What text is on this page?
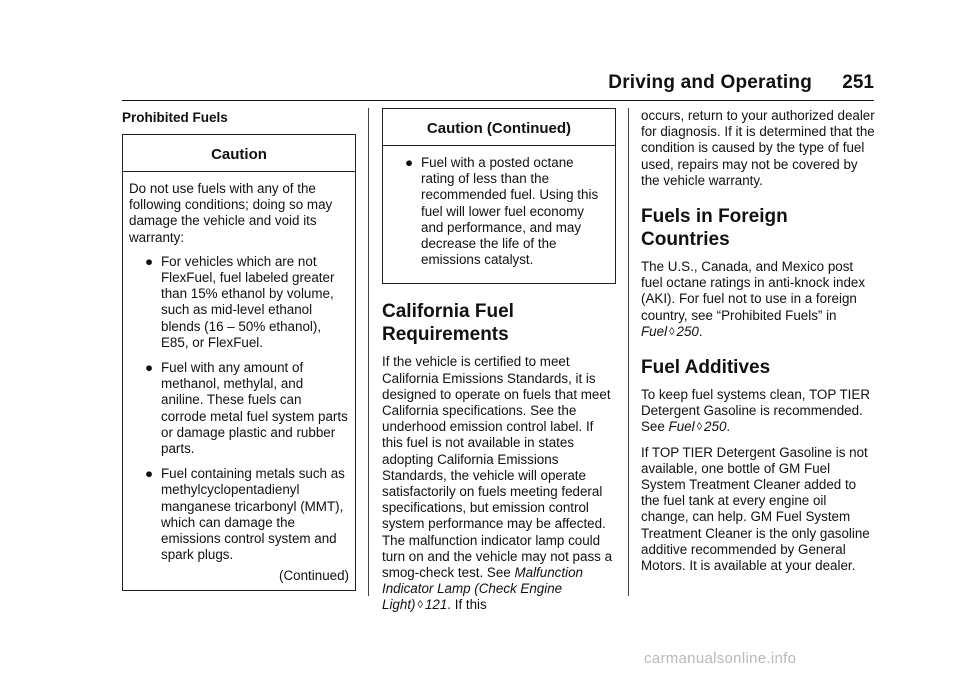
Driving and Operating 251
Prohibited Fuels
Caution
Do not use fuels with any of the following conditions; doing so may damage the vehicle and void its warranty:
● For vehicles which are not FlexFuel, fuel labeled greater than 15% ethanol by volume, such as mid-level ethanol blends (16 – 50% ethanol), E85, or FlexFuel.
● Fuel with any amount of methanol, methylal, and aniline. These fuels can corrode metal fuel system parts or damage plastic and rubber parts.
● Fuel containing metals such as methylcyclopentadienyl manganese tricarbonyl (MMT), which can damage the emissions control system and spark plugs.
(Continued)
Caution (Continued)
● Fuel with a posted octane rating of less than the recommended fuel. Using this fuel will lower fuel economy and performance, and may decrease the life of the emissions catalyst.
California Fuel Requirements
If the vehicle is certified to meet California Emissions Standards, it is designed to operate on fuels that meet California specifications. See the underhood emission control label. If this fuel is not available in states adopting California Emissions Standards, the vehicle will operate satisfactorily on fuels meeting federal specifications, but emission control system performance may be affected. The malfunction indicator lamp could turn on and the vehicle may not pass a smog-check test. See Malfunction Indicator Lamp (Check Engine Light) ◊ 121. If this
occurs, return to your authorized dealer for diagnosis. If it is determined that the condition is caused by the type of fuel used, repairs may not be covered by the vehicle warranty.
Fuels in Foreign Countries
The U.S., Canada, and Mexico post fuel octane ratings in anti-knock index (AKI). For fuel not to use in a foreign country, see “Prohibited Fuels” in Fuel ◊ 250.
Fuel Additives
To keep fuel systems clean, TOP TIER Detergent Gasoline is recommended. See Fuel ◊ 250.
If TOP TIER Detergent Gasoline is not available, one bottle of GM Fuel System Treatment Cleaner added to the fuel tank at every engine oil change, can help. GM Fuel System Treatment Cleaner is the only gasoline additive recommended by General Motors. It is available at your dealer.
carmanualsonline.info
